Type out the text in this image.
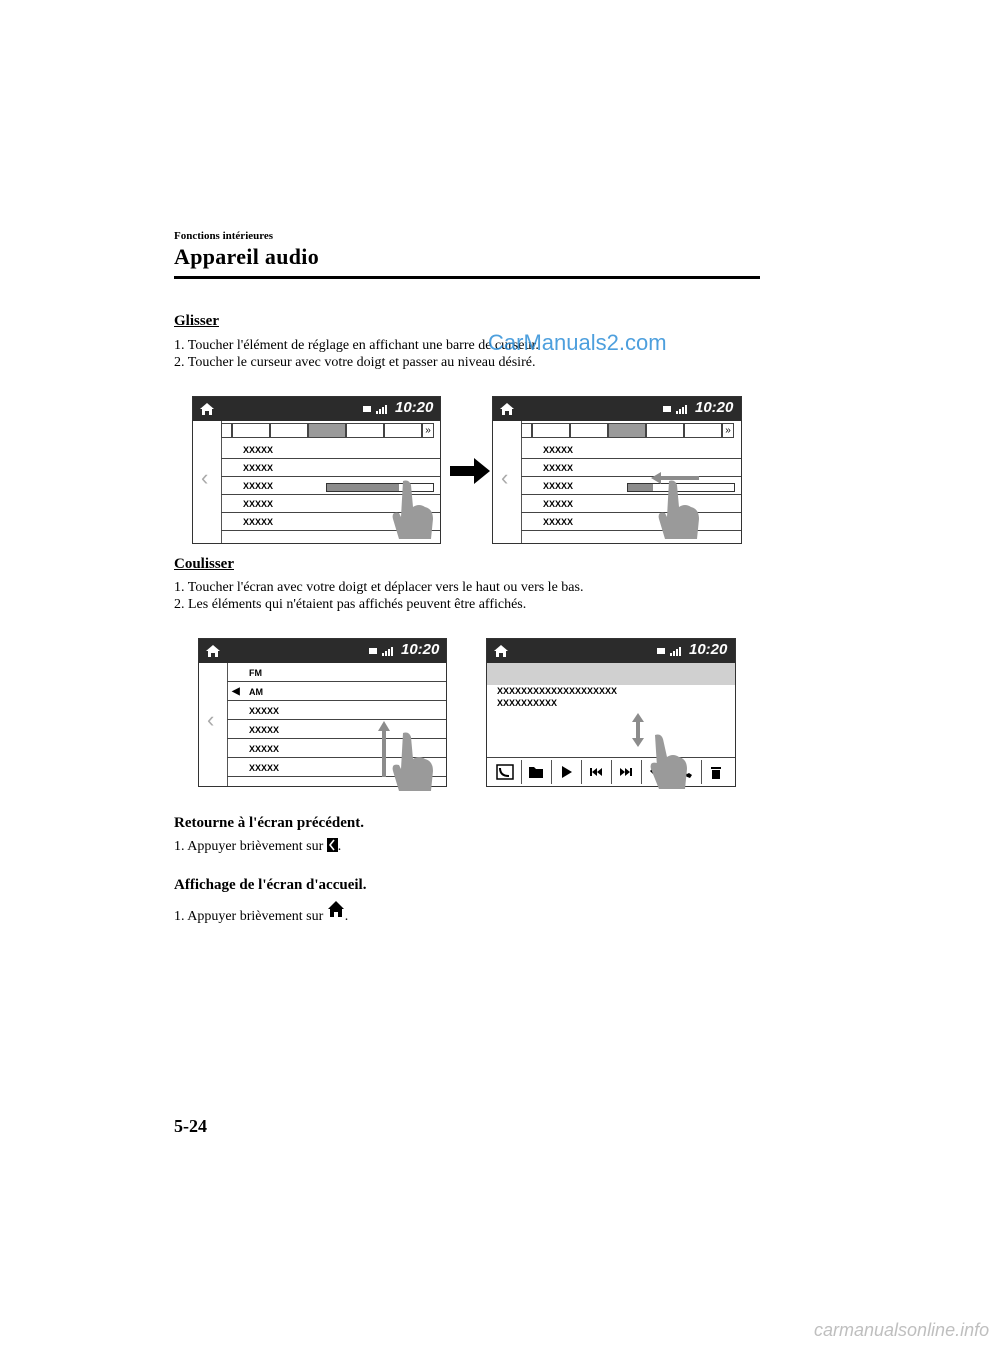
Fonctions intérieures
Appareil audio
Glisser
1. Toucher l'élément de réglage en affichant une barre de curseur.
2. Toucher le curseur avec votre doigt et passer au niveau désiré.
CarManuals2.com
10:20
‹
»
XXXXX
XXXXX
XXXXX
XXXXX
XXXXX
10:20
‹
»
XXXXX
XXXXX
XXXXX
XXXXX
XXXXX
Coulisser
1. Toucher l'écran avec votre doigt et déplacer vers le haut ou vers le bas.
2. Les éléments qui n'étaient pas affichés peuvent être affichés.
10:20
‹
FM
◀ AM
XXXXX
XXXXX
XXXXX
XXXXX
10:20
XXXXXXXXXXXXXXXXXXXX
XXXXXXXXXX
Retourne à l'écran précédent.
1. Appuyer brièvement sur .
Affichage de l'écran d'accueil.
1. Appuyer brièvement sur .
5-24
carmanualsonline.info
